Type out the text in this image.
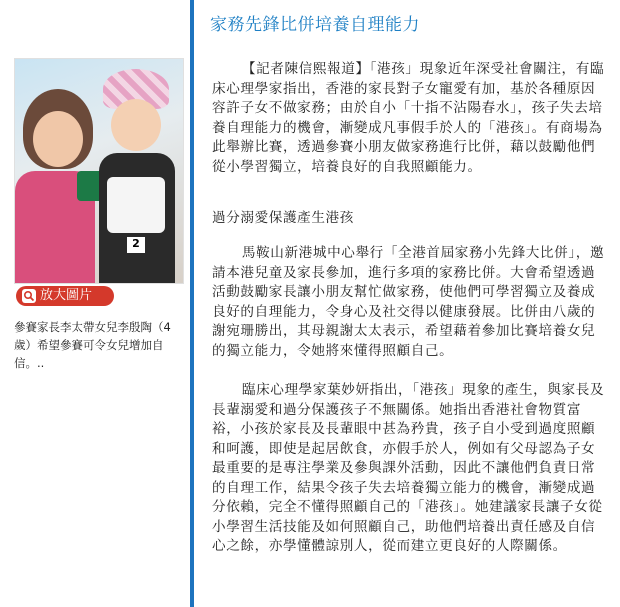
2
放大圖片
參賽家長李太帶女兒李殷陶（4歲）希望參賽可令女兒增加自信。..
家務先鋒比併培養自理能力
【記者陳信熙報道】「港孩」現象近年深受社會關注，有臨床心理學家指出，香港的家長對子女寵愛有加，基於各種原因容許子女不做家務；由於自小「十指不沾陽春水」，孩子失去培養自理能力的機會，漸變成凡事假手於人的「港孩」。有商場為此舉辦比賽，透過參賽小朋友做家務進行比併，藉以鼓勵他們從小學習獨立，培養良好的自我照顧能力。
過分溺愛保護產生港孩
馬鞍山新港城中心舉行「全港首屆家務小先鋒大比併」，邀請本港兒童及家長參加，進行多項的家務比併。大會希望透過活動鼓勵家長讓小朋友幫忙做家務，使他們可學習獨立及養成良好的自理能力，令身心及社交得以健康發展。比併由八歲的謝宛珊勝出，其母親謝太太表示，希望藉着參加比賽培養女兒的獨立能力，令她將來懂得照顧自己。
臨床心理學家葉妙妍指出，「港孩」現象的產生，與家長及長輩溺愛和過分保護孩子不無關係。她指出香港社會物質富裕，小孩於家長及長輩眼中甚為矜貴，孩子自小受到過度照顧和呵護，即使是起居飲食，亦假手於人，例如有父母認為子女最重要的是專注學業及參與課外活動，因此不讓他們負責日常的自理工作，結果令孩子失去培養獨立能力的機會，漸變成過分依賴，完全不懂得照顧自己的「港孩」。她建議家長讓子女從小學習生活技能及如何照顧自己，助他們培養出責任感及自信心之餘，亦學懂體諒別人，從而建立更良好的人際關係。
